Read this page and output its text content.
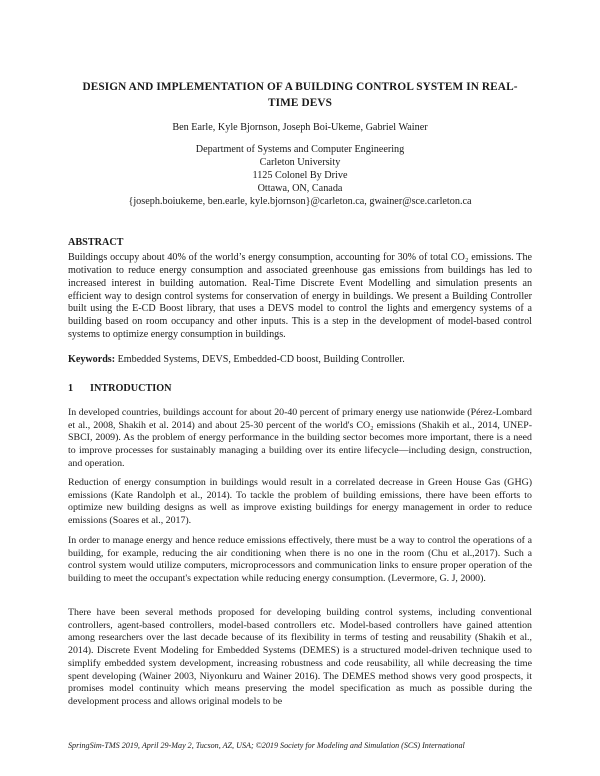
DESIGN AND IMPLEMENTATION OF A BUILDING CONTROL SYSTEM IN REAL-
TIME DEVS
Ben Earle, Kyle Bjornson, Joseph Boi-Ukeme, Gabriel Wainer
Department of Systems and Computer Engineering
Carleton University
1125 Colonel By Drive
Ottawa, ON, Canada
{joseph.boiukeme, ben.earle, kyle.bjornson}@carleton.ca, gwainer@sce.carleton.ca
ABSTRACT

Buildings occupy about 40% of the world’s energy consumption, accounting for 30% of total CO₂ emissions. The motivation to reduce energy consumption and associated greenhouse gas emissions from buildings has led to increased interest in building automation. Real-Time Discrete Event Modelling and simulation presents an efficient way to design control systems for conservation of energy in buildings. We present a Building Controller built using the E-CD Boost library, that uses a DEVS model to control the lights and emergency systems of a building based on room occupancy and other inputs. This is a step in the development of model-based control systems to optimize energy consumption in buildings.

Keywords: Embedded Systems, DEVS, Embedded-CD boost, Building Controller.

1 INTRODUCTION

In developed countries, buildings account for about 20-40 percent of primary energy use nationwide (Pérez-Lombard et al., 2008, Shakih et al. 2014) and about 25-30 percent of the world's CO₂ emissions (Shakih et al., 2014, UNEP-SBCI, 2009). As the problem of energy performance in the building sector becomes more important, there is a need to improve processes for sustainably managing a building over its entire lifecycle—including design, construction, and operation.

Reduction of energy consumption in buildings would result in a correlated decrease in Green House Gas (GHG) emissions (Kate Randolph et al., 2014). To tackle the problem of building emissions, there have been efforts to optimize new building designs as well as improve existing buildings for energy management in order to reduce emissions (Soares et al., 2017).

In order to manage energy and hence reduce emissions effectively, there must be a way to control the operations of a building, for example, reducing the air conditioning when there is no one in the room (Chu et al.,2017). Such a control system would utilize computers, microprocessors and communication links to ensure proper operation of the building to meet the occupant's expectation while reducing energy consumption. (Levermore, G. J, 2000).

There have been several methods proposed for developing building control systems, including conventional controllers, agent-based controllers, model-based controllers etc. Model-based controllers have gained attention among researchers over the last decade because of its flexibility in terms of testing and reusability (Shakih et al., 2014). Discrete Event Modeling for Embedded Systems (DEMES) is a structured model-driven technique used to simplify embedded system development, increasing robustness and code reusability, all while decreasing the time spent developing (Wainer 2003, Niyonkuru and Wainer 2016). The DEMES method shows very good prospects, it promises model continuity which means preserving the model specification as much as possible during the development process and allows original models to be

SpringSim-TMS 2019, April 29-May 2, Tucson, AZ, USA; ©2019 Society for Modeling and Simulation (SCS) International
